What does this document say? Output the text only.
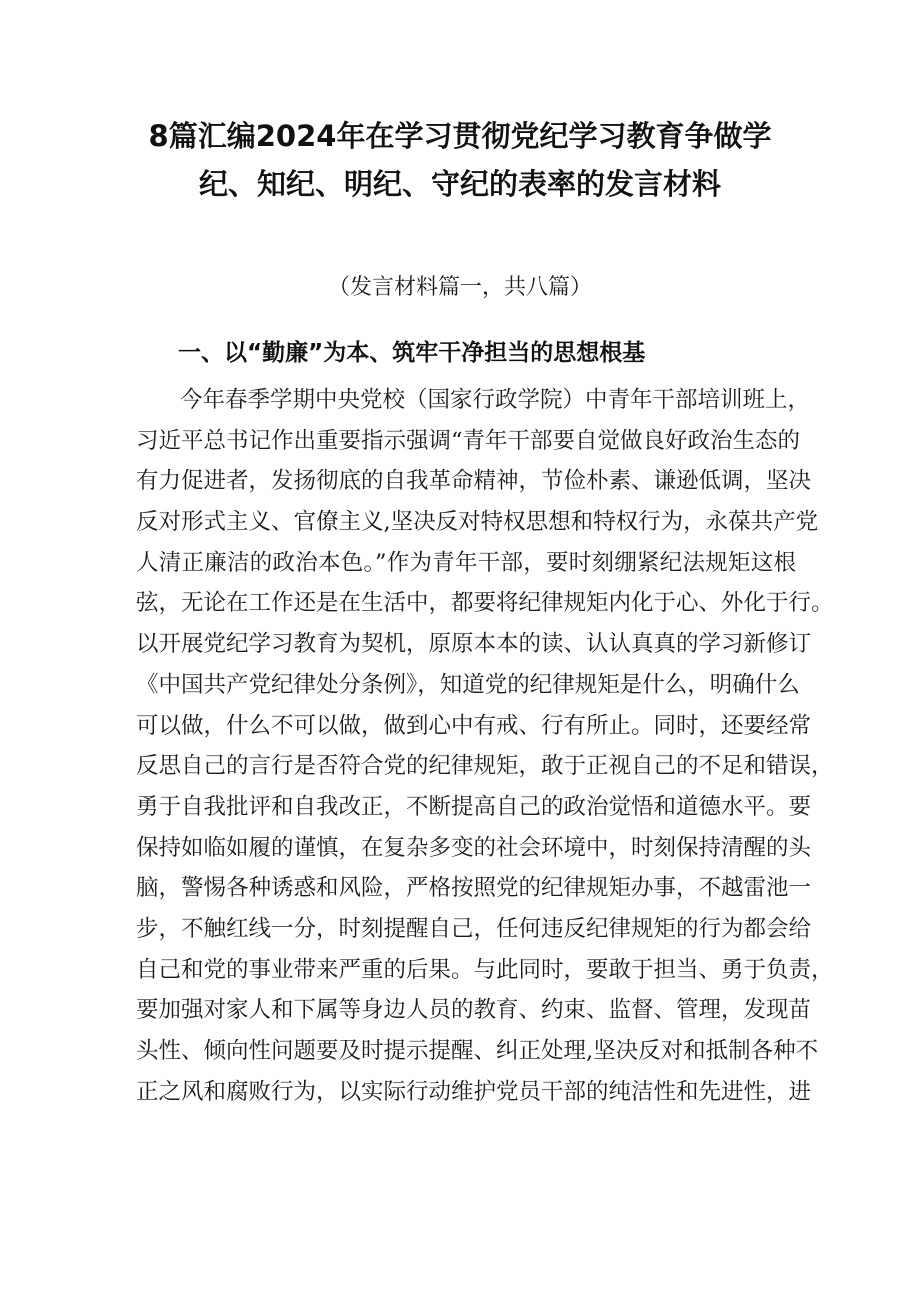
8篇汇编2024年在学习贯彻党纪学习教育争做学
纪、知纪、明纪、守纪的表率的发言材料
（发言材料篇一，共八篇）
一、以“勤廉”为本、筑牢干净担当的思想根基
今年春季学期中央党校（国家行政学院）中青年干部培训班上，
习近平总书记作出重要指示强调“青年干部要自觉做良好政治生态的
有力促进者，发扬彻底的自我革命精神，节俭朴素、谦逊低调，坚决
反对形式主义、官僚主义,坚决反对特权思想和特权行为，永葆共产党
人清正廉洁的政治本色。”作为青年干部，要时刻绷紧纪法规矩这根
弦，无论在工作还是在生活中，都要将纪律规矩内化于心、外化于行。
以开展党纪学习教育为契机，原原本本的读、认认真真的学习新修订
《中国共产党纪律处分条例》，知道党的纪律规矩是什么，明确什么
可以做，什么不可以做，做到心中有戒、行有所止。同时，还要经常
反思自己的言行是否符合党的纪律规矩，敢于正视自己的不足和错误，
勇于自我批评和自我改正，不断提高自己的政治觉悟和道德水平。要
保持如临如履的谨慎，在复杂多变的社会环境中，时刻保持清醒的头
脑，警惕各种诱惑和风险，严格按照党的纪律规矩办事，不越雷池一
步，不触红线一分，时刻提醒自己，任何违反纪律规矩的行为都会给
自己和党的事业带来严重的后果。与此同时，要敢于担当、勇于负责，
要加强对家人和下属等身边人员的教育、约束、监督、管理，发现苗
头性、倾向性问题要及时提示提醒、纠正处理,坚决反对和抵制各种不
正之风和腐败行为，以实际行动维护党员干部的纯洁性和先进性，进
